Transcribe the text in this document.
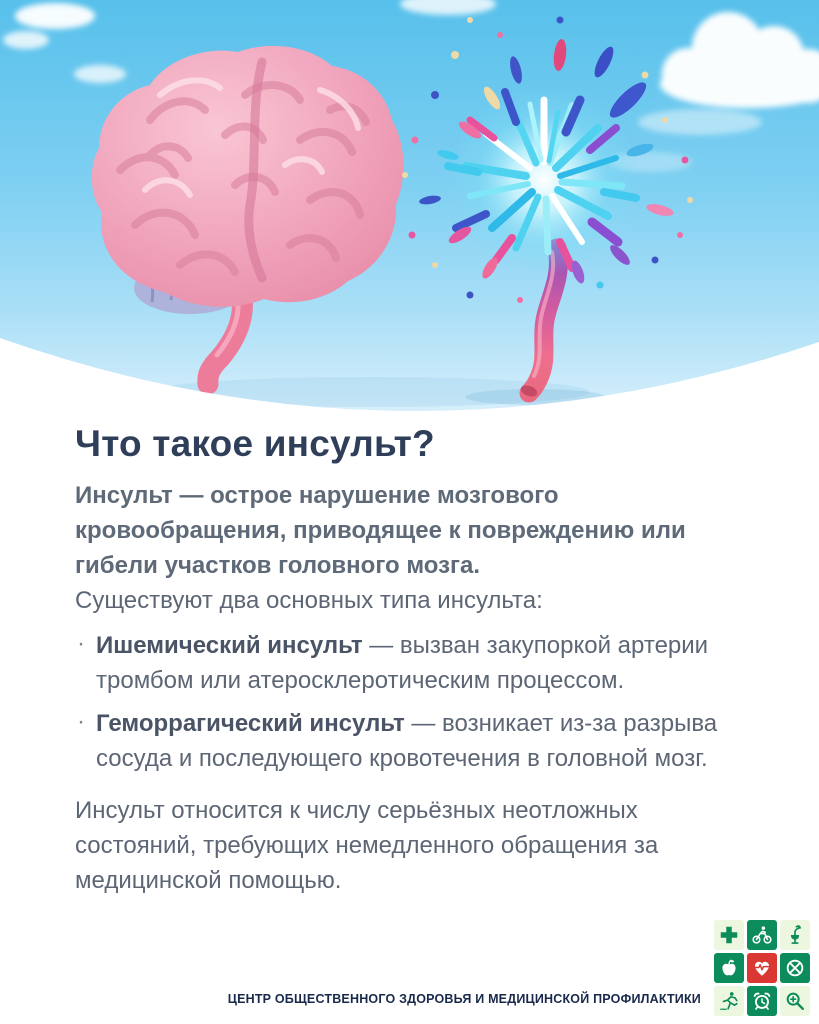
Что такое инсульт?

Инсульт — острое нарушение мозгового кровообращения, приводящее к повреждению или гибели участков головного мозга.

Существуют два основных типа инсульта:

· Ишемический инсульт — вызван закупоркой артерии тромбом или атеросклеротическим процессом.
· Геморрагический инсульт — возникает из-за разрыва сосуда и последующего кровотечения в головной мозг.

Инсульт относится к числу серьёзных неотложных состояний, требующих немедленного обращения за медицинской помощью.

ЦЕНТР ОБЩЕСТВЕННОГО ЗДОРОВЬЯ И МЕДИЦИНСКОЙ ПРОФИЛАКТИКИ
